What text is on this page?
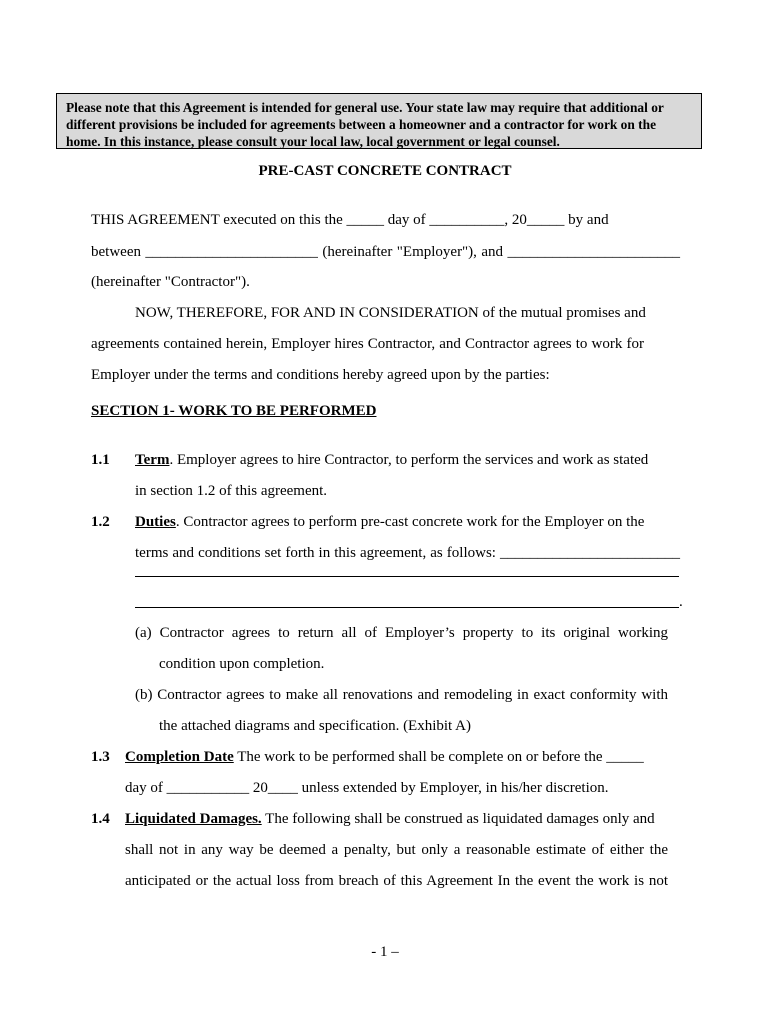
Please note that this Agreement is intended for general use. Your state law may require that additional or
different provisions be included for agreements between a homeowner and a contractor for work on the
home. In this instance, please consult your local law, local government or legal counsel.
PRE-CAST CONCRETE CONTRACT
THIS AGREEMENT executed on this the _____ day of __________, 20_____ by and
between _______________________ (hereinafter "Employer"), and _______________________
(hereinafter "Contractor").
NOW, THEREFORE, FOR AND IN CONSIDERATION of the mutual promises and
agreements contained herein, Employer hires Contractor, and Contractor agrees to work for
Employer under the terms and conditions hereby agreed upon by the parties:
SECTION 1- WORK TO BE PERFORMED
1.1 Term. Employer agrees to hire Contractor, to perform the services and work as stated
in section 1.2 of this agreement.
1.2 Duties. Contractor agrees to perform pre-cast concrete work for the Employer on the
terms and conditions set forth in this agreement, as follows: ________________________
.
(a) Contractor agrees to return all of Employer’s property to its original working
condition upon completion.
(b) Contractor agrees to make all renovations and remodeling in exact conformity with
the attached diagrams and specification. (Exhibit A)
1.3 Completion Date The work to be performed shall be complete on or before the _____
day of ___________ 20____ unless extended by Employer, in his/her discretion.
1.4 Liquidated Damages. The following shall be construed as liquidated damages only and
shall not in any way be deemed a penalty, but only a reasonable estimate of either the
anticipated or the actual loss from breach of this Agreement In the event the work is not
- 1 –
